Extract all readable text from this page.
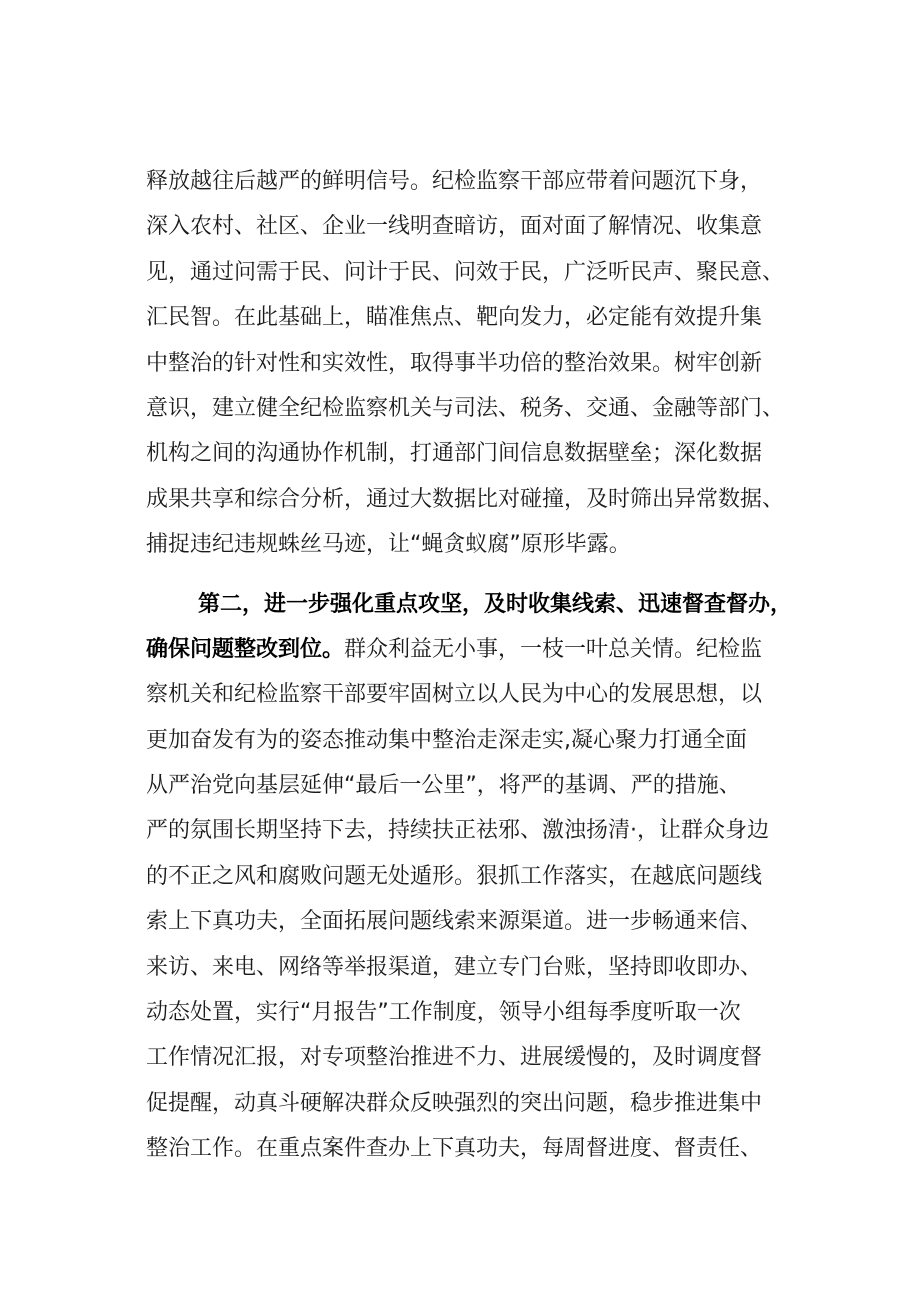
释放越往后越严的鲜明信号。纪检监察干部应带着问题沉下身，
深入农村、社区、企业一线明查暗访，面对面了解情况、收集意
见，通过问需于民、问计于民、问效于民，广泛听民声、聚民意、
汇民智。在此基础上，瞄准焦点、靶向发力，必定能有效提升集
中整治的针对性和实效性，取得事半功倍的整治效果。树牢创新
意识，建立健全纪检监察机关与司法、税务、交通、金融等部门、
机构之间的沟通协作机制，打通部门间信息数据壁垒；深化数据
成果共享和综合分析，通过大数据比对碰撞，及时筛出异常数据、
捕捉违纪违规蛛丝马迹，让“蝇贪蚁腐”原形毕露。
第二，进一步强化重点攻坚，及时收集线索、迅速督查督办，
确保问题整改到位。群众利益无小事，一枝一叶总关情。纪检监
察机关和纪检监察干部要牢固树立以人民为中心的发展思想，以
更加奋发有为的姿态推动集中整治走深走实,凝心聚力打通全面
从严治党向基层延伸“最后一公里”，将严的基调、严的措施、
严的氛围长期坚持下去，持续扶正祛邪、激浊扬清·，让群众身边
的不正之风和腐败问题无处遁形。狠抓工作落实，在越底问题线
索上下真功夫，全面拓展问题线索来源渠道。进一步畅通来信、
来访、来电、网络等举报渠道，建立专门台账，坚持即收即办、
动态处置，实行“月报告”工作制度，领导小组每季度听取一次
工作情况汇报，对专项整治推进不力、进展缓慢的，及时调度督
促提醒，动真斗硬解决群众反映强烈的突出问题，稳步推进集中
整治工作。在重点案件查办上下真功夫，每周督进度、督责任、
